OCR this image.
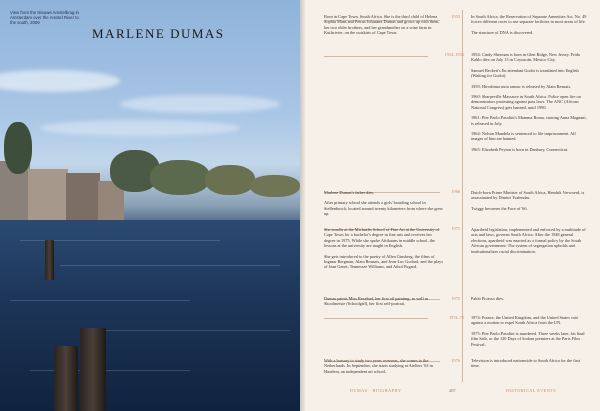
View from the Nieuwe Amstelbrug in Amsterdam over the Amstel River to the south, 2009
MARLENE DUMAS
1953
1954–1955
1966
1971
1975
1974–75
1976

Born in Cape Town, South Africa. She is the third child of Helena Sophia Mans and Petrus Johannes Dumas and grows up with them, her two older brothers, and her grandmother on a wine farm in Kuilsrivier, on the outskirts of Cape Town.

Marlene Dumas's father dies.

After primary school she attends a girls' boarding school in Stellenbosch, located around twenty kilometers from where she grew up.

She enrolls at the Michaelis School of Fine Art at the University of Cape Town for a bachelor's degree in fine arts and receives her degree in 1975. While she spoke Afrikaans in middle school, the lessons at the university are taught in English.

She gets introduced to the poetry of Allen Ginsberg, the films of Ingmar Bergman, Alain Resnais, and Jean-Luc Godard, and the plays of Jean Genet, Tennessee Williams, and Athol Fugard.

Dumas paints Miss Rosebud, her first oil painting, as well as Skoolmeisie (Schoolgirl), her first self-portrait.

With a bursary to study two years overseas, she comes to the Netherlands. In September, she starts studying at Ateliers '63 in Haarlem, an independent art school,

In South Africa, the Reservation of Separate Amenities Act, No. 49 forces different races to use separate facilities in most areas of life.

The structure of DNA is discovered.

1954: Cindy Sherman is born in Glen Ridge, New Jersey. Frida Kahlo dies on July 13 in Coyoacán, Mexico City.

Samuel Beckett's En attendant Godot is translated into English (Waiting for Godot).

1959: Hiroshima mon amour is released by Alain Resnais.

1960: Sharpeville Massacre in South Africa. Police open fire on demonstrators protesting against pass laws. The ANC (African National Congress) gets banned, until 1990.

1961: Pier Paolo Pasolini's Mamma Roma, starring Anna Magnani, is released in July.

1964: Nelson Mandela is sentenced to life imprisonment. All images of him are banned.

1965: Elizabeth Peyton is born in Danbury, Connecticut.

Dutch-born Prime Minister of South Africa, Hendrik Verwoerd, is assassinated by Dimitri Tsafendas.

Twiggy becomes the Face of '66.

Apartheid legislation, implemented and enforced by a multitude of acts and laws, governs South Africa. After the 1948 general elections, apartheid was enacted as a formal policy by the South African government. The system of segregation upholds and institutionalizes racial discrimination.

Pablo Picasso dies.

1974: France, the United Kingdom, and the United States vote against a motion to expel South Africa from the UN.

1975: Pier Paolo Pasolini is murdered. Three weeks later, his final film Salò, or the 120 Days of Sodom premiers at the Paris Film Festival.

Television is introduced nationwide to South Africa for the first time.

DUMAS · BIOGRAPHY	207	HISTORICAL EVENTS
